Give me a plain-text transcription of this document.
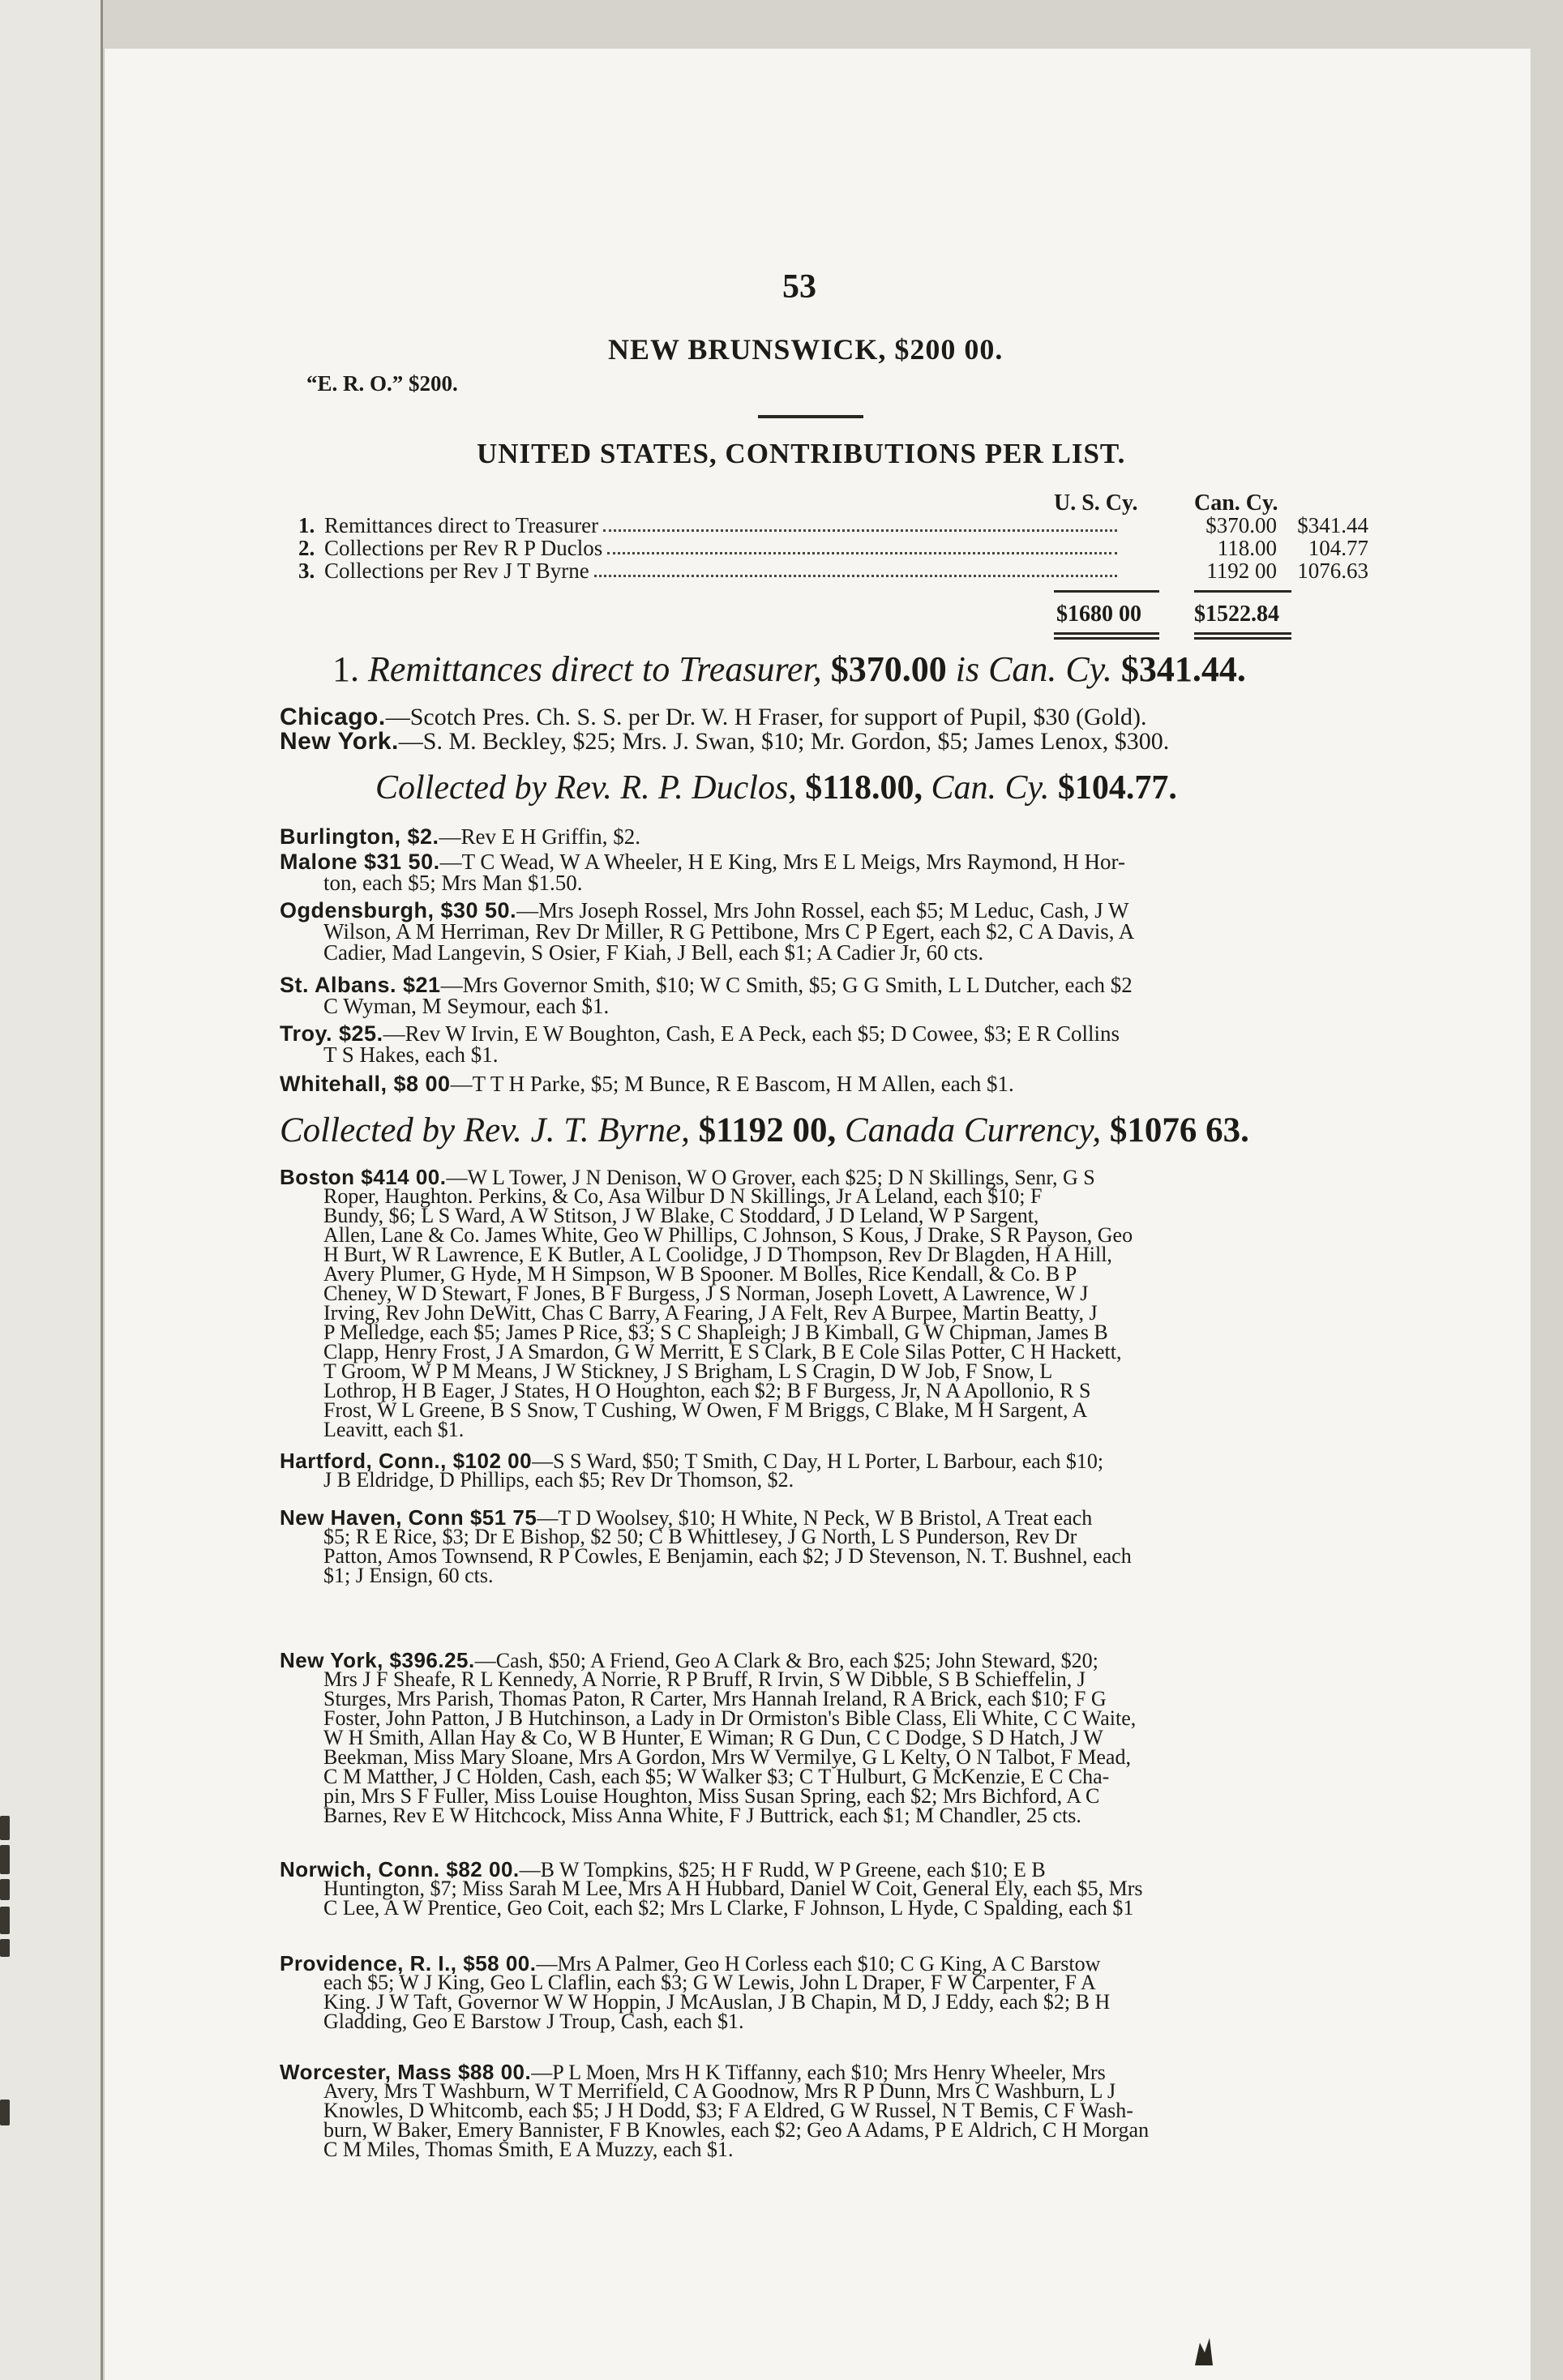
53
NEW BRUNSWICK, $200 00.
“E. R. O.” $200.
UNITED STATES, CONTRIBUTIONS PER LIST.
U. S. Cy. Can. Cy.
1. Remittances direct to Treasurer	$370.00 $341.44
2. Collections per Rev R P Duclos	118.00 104.77
3. Collections per Rev J T Byrne	1192 00 1076.63
$1680 00 $1522.84
1. Remittances direct to Treasurer, $370.00 is Can. Cy. $341.44.
Chicago.—Scotch Pres. Ch. S. S. per Dr. W. H Fraser, for support of Pupil, $30 (Gold).
New York.—S. M. Beckley, $25; Mrs. J. Swan, $10; Mr. Gordon, $5; James Lenox, $300.
Collected by Rev. R. P. Duclos, $118.00, Can. Cy. $104.77.
Burlington, $2.—Rev E H Griffin, $2.
Malone $31 50.—T C Wead, W A Wheeler, H E King, Mrs E L Meigs, Mrs Raymond, H Hor-
ton, each $5; Mrs Man $1.50.
Ogdensburgh, $30 50.—Mrs Joseph Rossel, Mrs John Rossel, each $5; M Leduc, Cash, J W
Wilson, A M Herriman, Rev Dr Miller, R G Pettibone, Mrs C P Egert, each $2, C A Davis, A
Cadier, Mad Langevin, S Osier, F Kiah, J Bell, each $1; A Cadier Jr, 60 cts.
St. Albans. $21—Mrs Governor Smith, $10; W C Smith, $5; G G Smith, L L Dutcher, each $2
C Wyman, M Seymour, each $1.
Troy. $25.—Rev W Irvin, E W Boughton, Cash, E A Peck, each $5; D Cowee, $3; E R Collins
T S Hakes, each $1.
Whitehall, $8 00—T T H Parke, $5; M Bunce, R E Bascom, H M Allen, each $1.
Collected by Rev. J. T. Byrne, $1192 00, Canada Currency, $1076 63.
Boston $414 00.—W L Tower, J N Denison, W O Grover, each $25; D N Skillings, Senr, G S
Roper, Haughton. Perkins, & Co, Asa Wilbur D N Skillings, Jr A Leland, each $10; F
Bundy, $6; L S Ward, A W Stitson, J W Blake, C Stoddard, J D Leland, W P Sargent,
Allen, Lane & Co. James White, Geo W Phillips, C Johnson, S Kous, J Drake, S R Payson, Geo
H Burt, W R Lawrence, E K Butler, A L Coolidge, J D Thompson, Rev Dr Blagden, H A Hill,
Avery Plumer, G Hyde, M H Simpson, W B Spooner. M Bolles, Rice Kendall, & Co. B P
Cheney, W D Stewart, F Jones, B F Burgess, J S Norman, Joseph Lovett, A Lawrence, W J
Irving, Rev John DeWitt, Chas C Barry, A Fearing, J A Felt, Rev A Burpee, Martin Beatty, J
P Melledge, each $5; James P Rice, $3; S C Shapleigh; J B Kimball, G W Chipman, James B
Clapp, Henry Frost, J A Smardon, G W Merritt, E S Clark, B E Cole Silas Potter, C H Hackett,
T Groom, W P M Means, J W Stickney, J S Brigham, L S Cragin, D W Job, F Snow, L
Lothrop, H B Eager, J States, H O Houghton, each $2; B F Burgess, Jr, N A Apollonio, R S
Frost, W L Greene, B S Snow, T Cushing, W Owen, F M Briggs, C Blake, M H Sargent, A
Leavitt, each $1.
Hartford, Conn., $102 00—S S Ward, $50; T Smith, C Day, H L Porter, L Barbour, each $10;
J B Eldridge, D Phillips, each $5; Rev Dr Thomson, $2.
New Haven, Conn $51 75—T D Woolsey, $10; H White, N Peck, W B Bristol, A Treat each
$5; R E Rice, $3; Dr E Bishop, $2 50; C B Whittlesey, J G North, L S Punderson, Rev Dr
Patton, Amos Townsend, R P Cowles, E Benjamin, each $2; J D Stevenson, N. T. Bushnel, each
$1; J Ensign, 60 cts.
New York, $396.25.—Cash, $50; A Friend, Geo A Clark & Bro, each $25; John Steward, $20;
Mrs J F Sheafe, R L Kennedy, A Norrie, R P Bruff, R Irvin, S W Dibble, S B Schieffelin, J
Sturges, Mrs Parish, Thomas Paton, R Carter, Mrs Hannah Ireland, R A Brick, each $10; F G
Foster, John Patton, J B Hutchinson, a Lady in Dr Ormiston's Bible Class, Eli White, C C Waite,
W H Smith, Allan Hay & Co, W B Hunter, E Wiman; R G Dun, C C Dodge, S D Hatch, J W
Beekman, Miss Mary Sloane, Mrs A Gordon, Mrs W Vermilye, G L Kelty, O N Talbot, F Mead,
C M Matther, J C Holden, Cash, each $5; W Walker $3; C T Hulburt, G McKenzie, E C Cha-
pin, Mrs S F Fuller, Miss Louise Houghton, Miss Susan Spring, each $2; Mrs Bichford, A C
Barnes, Rev E W Hitchcock, Miss Anna White, F J Buttrick, each $1; M Chandler, 25 cts.
Norwich, Conn. $82 00.—B W Tompkins, $25; H F Rudd, W P Greene, each $10; E B
Huntington, $7; Miss Sarah M Lee, Mrs A H Hubbard, Daniel W Coit, General Ely, each $5, Mrs
C Lee, A W Prentice, Geo Coit, each $2; Mrs L Clarke, F Johnson, L Hyde, C Spalding, each $1
Providence, R. I., $58 00.—Mrs A Palmer, Geo H Corless each $10; C G King, A C Barstow
each $5; W J King, Geo L Claflin, each $3; G W Lewis, John L Draper, F W Carpenter, F A
King. J W Taft, Governor W W Hoppin, J McAuslan, J B Chapin, M D, J Eddy, each $2; B H
Gladding, Geo E Barstow J Troup, Cash, each $1.
Worcester, Mass $88 00.—P L Moen, Mrs H K Tiffanny, each $10; Mrs Henry Wheeler, Mrs
Avery, Mrs T Washburn, W T Merrifield, C A Goodnow, Mrs R P Dunn, Mrs C Washburn, L J
Knowles, D Whitcomb, each $5; J H Dodd, $3; F A Eldred, G W Russel, N T Bemis, C F Wash-
burn, W Baker, Emery Bannister, F B Knowles, each $2; Geo A Adams, P E Aldrich, C H Morgan
C M Miles, Thomas Smith, E A Muzzy, each $1.
